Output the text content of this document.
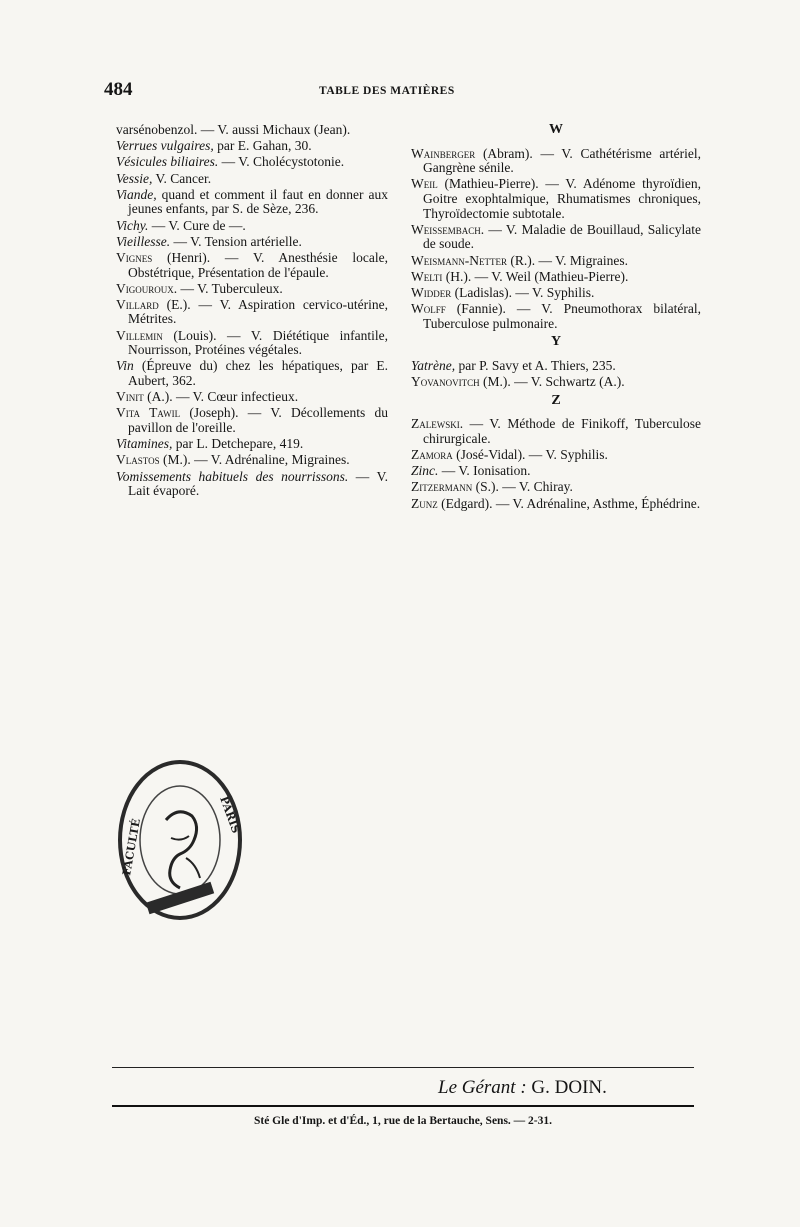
484	TABLE DES MATIÈRES
varsénobenzol. — V. aussi Michaux (Jean).
Verrues vulgaires, par E. Gahan, 30.
Vésicules biliaires. — V. Cholécystotonie.
Vessie, V. Cancer.
Viande, quand et comment il faut en donner aux jeunes enfants, par S. de Sèze, 236.
Vichy. — V. Cure de —.
Vieillesse. — V. Tension artérielle.
Vignes (Henri). — V. Anesthésie locale, Obstétrique, Présentation de l'épaule.
Vigouroux. — V. Tuberculeux.
Villard (E.). — V. Aspiration cervico-utérine, Métrites.
Villemin (Louis). — V. Diététique infantile, Nourrisson, Protéines végétales.
Vin (Épreuve du) chez les hépatiques, par E. Aubert, 362.
Vinit (A.). — V. Cœur infectieux.
Vita Tawil (Joseph). — V. Décollements du pavillon de l'oreille.
Vitamines, par L. Detchepare, 419.
Vlastos (M.). — V. Adrénaline, Migraines.
Vomissements habituels des nourrissons. — V. Lait évaporé.
W
Wainberger (Abram). — V. Cathétérisme artériel, Gangrène sénile.
Weil (Mathieu-Pierre). — V. Adénome thyroïdien, Goitre exophtalmique, Rhumatismes chroniques, Thyroïdectomie subtotale.
Weissembach. — V. Maladie de Bouillaud, Salicylate de soude.
Weismann-Netter (R.). — V. Migraines.
Welti (H.). — V. Weil (Mathieu-Pierre).
Widder (Ladislas). — V. Syphilis.
Wolff (Fannie). — V. Pneumothorax bilatéral, Tuberculose pulmonaire.
Y
Yatrène, par P. Savy et A. Thiers, 235.
Yovanovitch (M.). — V. Schwartz (A.).
Z
Zalewski. — V. Méthode de Finikoff, Tuberculose chirurgicale.
Zamora (José-Vidal). — V. Syphilis.
Zinc. — V. Ionisation.
Zitzermann (S.). — V. Chiray.
Zunz (Edgard). — V. Adrénaline, Asthme, Éphédrine.
FACULTÉ
PARIS
Le Gérant : G. DOIN.
Sté Gle d'Imp. et d'Éd., 1, rue de la Bertauche, Sens. — 2-31.
